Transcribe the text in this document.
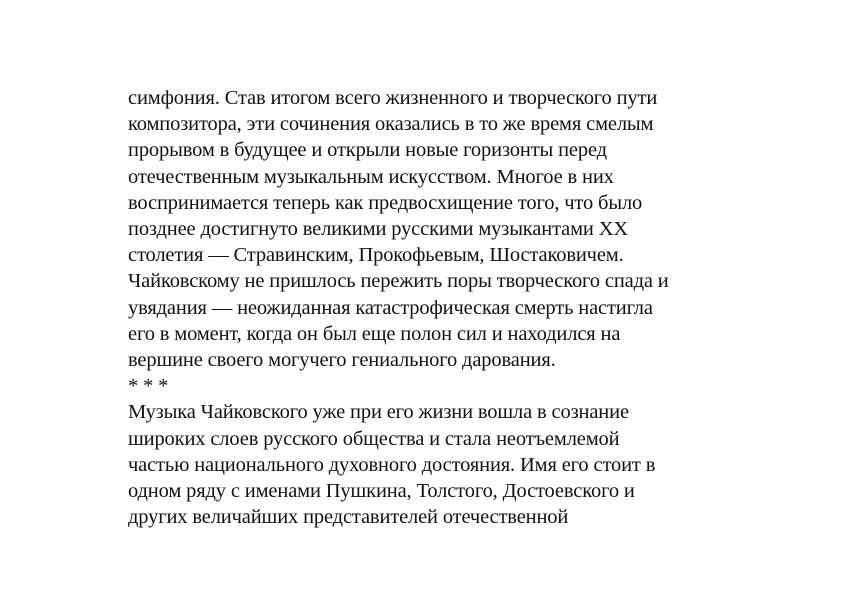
симфония. Став итогом всего жизненного и творческого пути
композитора, эти сочинения оказались в то же время смелым
прорывом в будущее и открыли новые горизонты перед
отечественным музыкальным искусством. Многое в них
воспринимается теперь как предвосхищение того, что было
позднее достигнуто великими русскими музыкантами XX
столетия — Стравинским, Прокофьевым, Шостаковичем.
Чайковскому не пришлось пережить поры творческого спада и
увядания — неожиданная катастрофическая смерть настигла
его в момент, когда он был еще полон сил и находился на
вершине своего могучего гениального дарования.
* * *
Музыка Чайковского уже при его жизни вошла в сознание
широких слоев русского общества и стала неотъемлемой
частью национального духовного достояния. Имя его стоит в
одном ряду с именами Пушкина, Толстого, Достоевского и
других величайших представителей отечественной
